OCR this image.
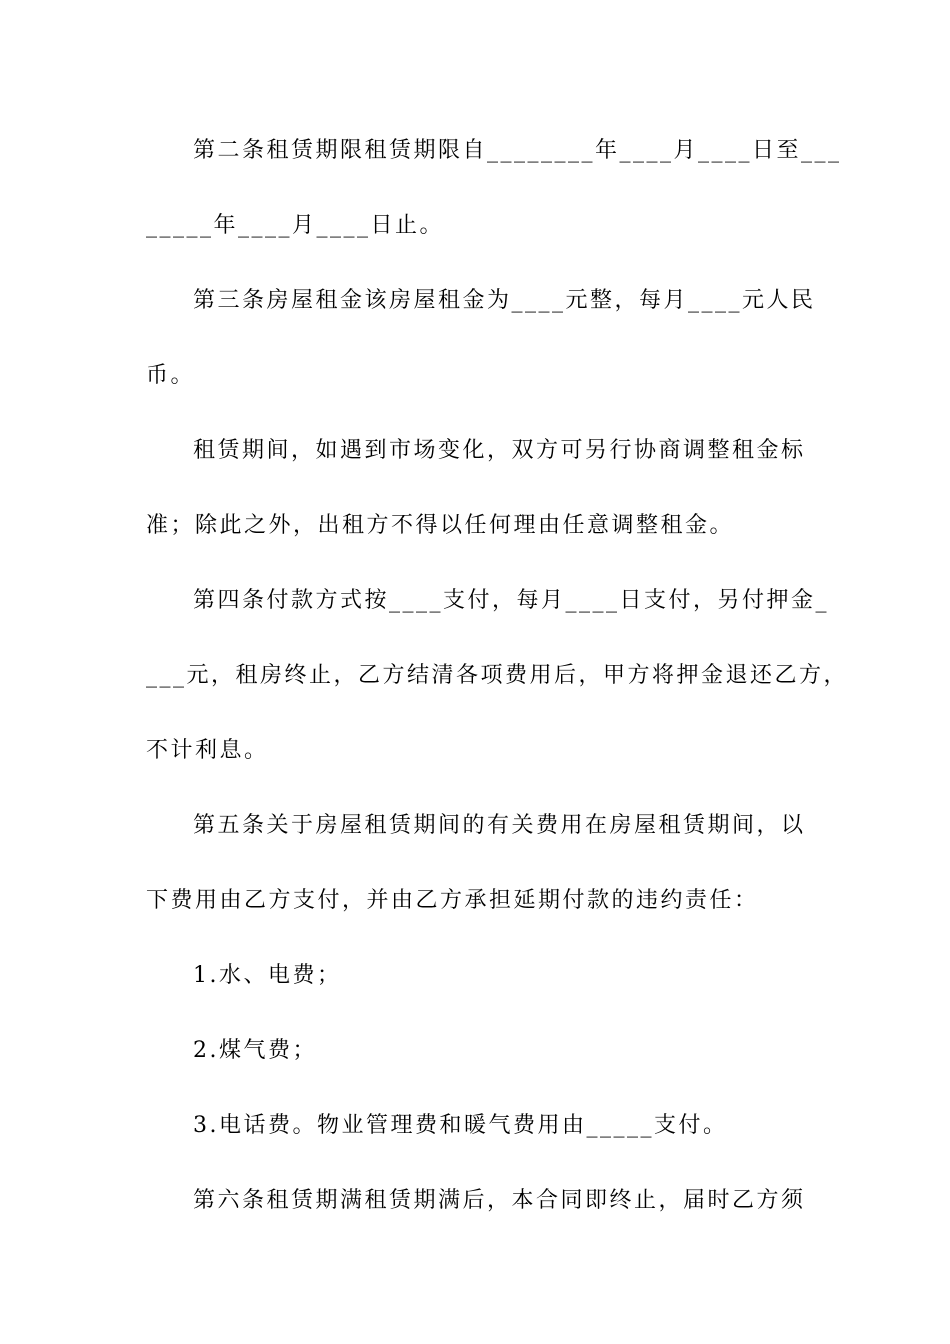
第二条租赁期限租赁期限自________年____月____日至___
_____年____月____日止。
第三条房屋租金该房屋租金为____元整，每月____元人民
币。
租赁期间，如遇到市场变化，双方可另行协商调整租金标
准；除此之外，出租方不得以任何理由任意调整租金。
第四条付款方式按____支付，每月____日支付，另付押金_
___元，租房终止，乙方结清各项费用后，甲方将押金退还乙方，
不计利息。
第五条关于房屋租赁期间的有关费用在房屋租赁期间，以
下费用由乙方支付，并由乙方承担延期付款的违约责任：
1.水、电费；
2.煤气费；
3.电话费。物业管理费和暖气费用由_____支付。
第六条租赁期满租赁期满后，本合同即终止，届时乙方须
